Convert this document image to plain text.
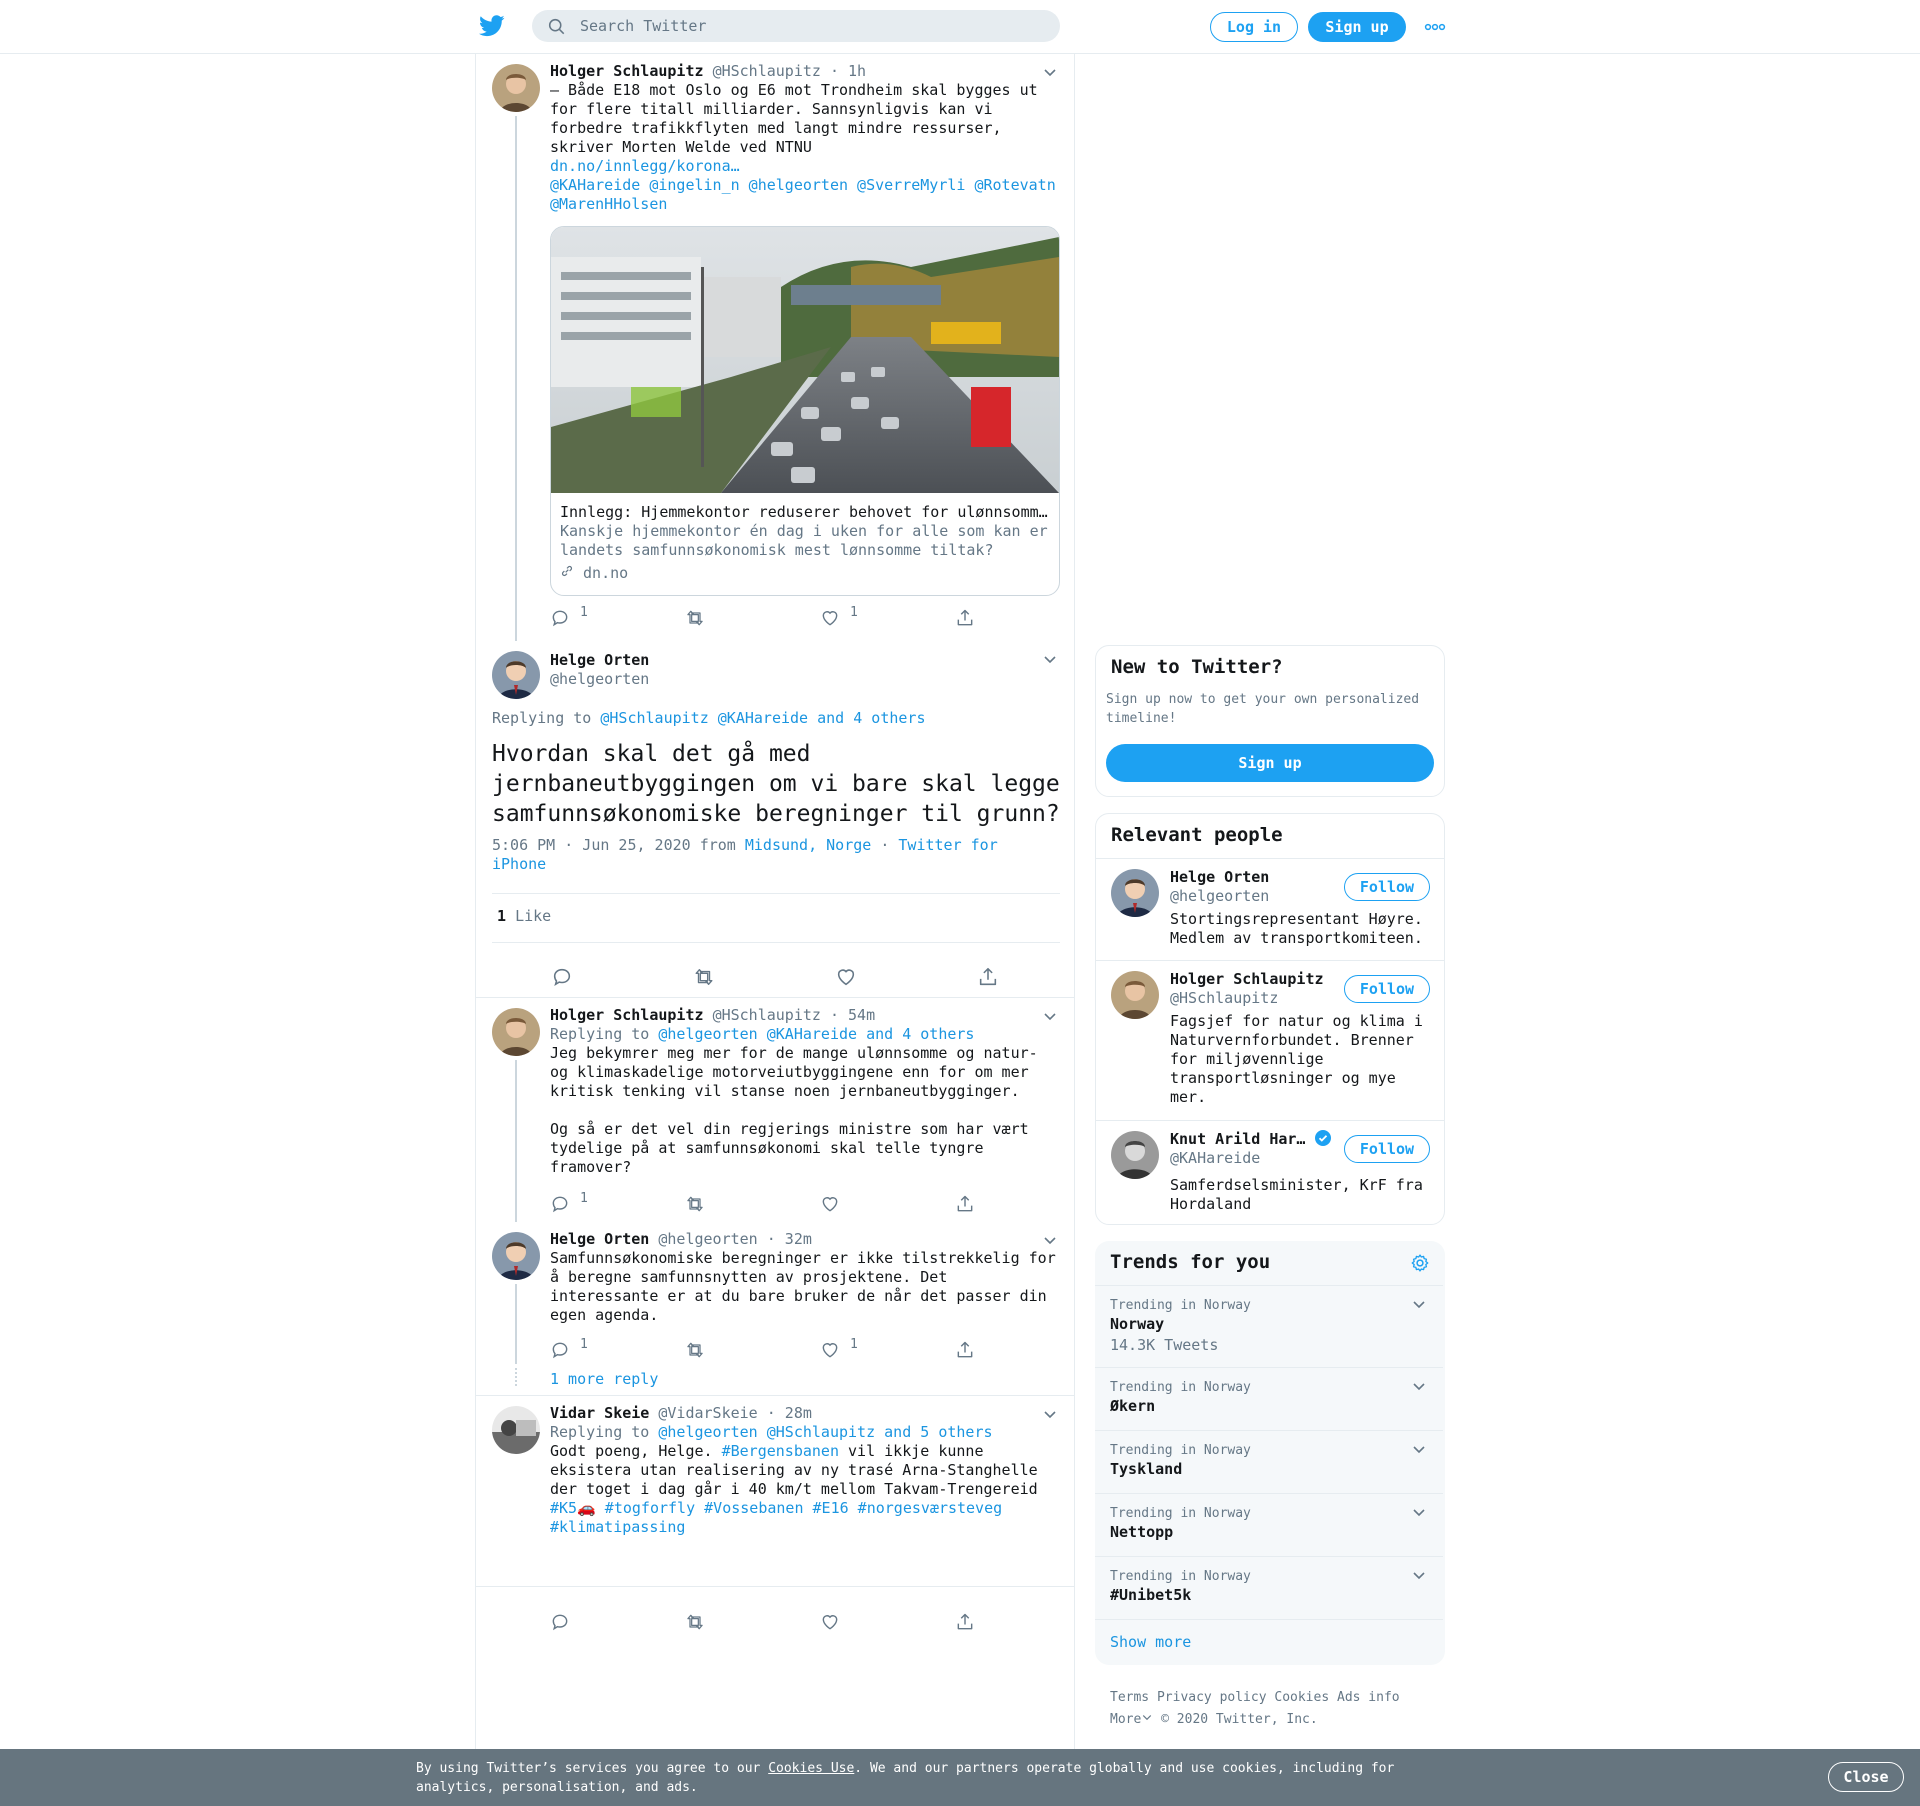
Search Twitter
Log in	Sign up
Holger Schlaupitz @HSchlaupitz · 1h
– Både E18 mot Oslo og E6 mot Trondheim skal bygges ut for flere titall milliarder. Sannsynligvis kan vi forbedre trafikkflyten med langt mindre ressurser, skriver Morten Welde ved NTNU
dn.no/innlegg/korona…
@KAHareide @ingelin_n @helgeorten @SverreMyrli @Rotevatn @MarenHHolsen
Innlegg: Hjemmekontor reduserer behovet for ulønnsomm…
Kanskje hjemmekontor én dag i uken for alle som kan er landets samfunnsøkonomisk mest lønnsomme tiltak?
dn.no
1	1
Helge Orten
@helgeorten
Replying to @HSchlaupitz @KAHareide and 4 others
Hvordan skal det gå med jernbaneutbyggingen om vi bare skal legge samfunnsøkonomiske beregninger til grunn?
5:06 PM · Jun 25, 2020 from Midsund, Norge · Twitter for iPhone
1 Like
Holger Schlaupitz @HSchlaupitz · 54m
Replying to @helgeorten @KAHareide and 4 others
Jeg bekymrer meg mer for de mange ulønnsomme og natur- og klimaskadelige motorveiutbyggingene enn for om mer kritisk tenking vil stanse noen jernbaneutbygginger.
Og så er det vel din regjerings ministre som har vært tydelige på at samfunnsøkonomi skal telle tyngre framover?
1
Helge Orten @helgeorten · 32m
Samfunnsøkonomiske beregninger er ikke tilstrekkelig for å beregne samfunnsnytten av prosjektene. Det interessante er at du bare bruker de når det passer din egen agenda.
1	1
1 more reply
Vidar Skeie @VidarSkeie · 28m
Replying to @helgeorten @HSchlaupitz and 5 others
Godt poeng, Helge. #Bergensbanen vil ikkje kunne eksistera utan realisering av ny trasé Arna-Stanghelle der toget i dag går i 40 km/t mellom Takvam-Trengereid
#K5🚗 #togforfly #Vossebanen #E16 #norgesværsteveg #klimatipassing
New to Twitter?
Sign up now to get your own personalized timeline!
Sign up
Relevant people
Helge Orten
@helgeorten	Follow
Stortingsrepresentant Høyre. Medlem av transportkomiteen.
Holger Schlaupitz
@HSchlaupitz	Follow
Fagsjef for natur og klima i Naturvernforbundet. Brenner for miljøvennlige transportløsninger og mye mer.
Knut Arild Har…
@KAHareide	Follow
Samferdselsminister, KrF fra Hordaland
Trends for you
Trending in Norway
Norway
14.3K Tweets
Trending in Norway
Økern
Trending in Norway
Tyskland
Trending in Norway
Nettopp
Trending in Norway
#Unibet5k
Show more
Terms Privacy policy Cookies Ads info
More © 2020 Twitter, Inc.

By using Twitter’s services you agree to our Cookies Use. We and our partners operate globally and use cookies, including for analytics, personalisation, and ads.

Close
